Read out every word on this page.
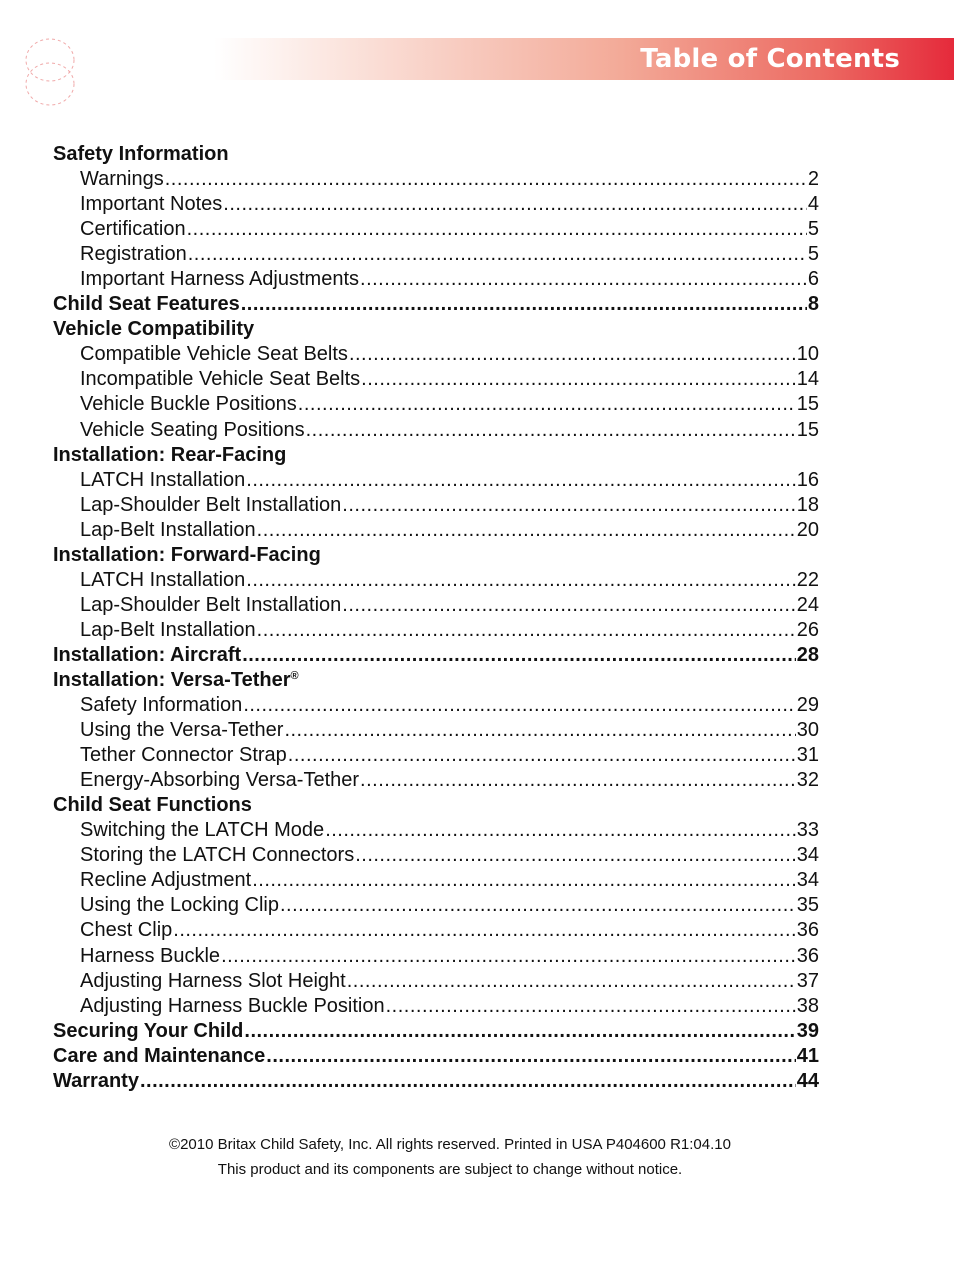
Table of Contents
Safety Information
Warnings .....	2
Important Notes .....	4
Certification .....	5
Registration .....	5
Important Harness Adjustments .....	6
Child Seat Features .....	8
Vehicle Compatibility
Compatible Vehicle Seat Belts .....	10
Incompatible Vehicle Seat Belts .....	14
Vehicle Buckle Positions .....	15
Vehicle Seating Positions .....	15
Installation: Rear-Facing
LATCH Installation .....	16
Lap-Shoulder Belt Installation .....	18
Lap-Belt Installation .....	20
Installation: Forward-Facing
LATCH Installation .....	22
Lap-Shoulder Belt Installation .....	24
Lap-Belt Installation .....	26
Installation: Aircraft .....	28
Installation: Versa-Tether®
Safety Information .....	29
Using the Versa-Tether .....	30
Tether Connector Strap .....	31
Energy-Absorbing Versa-Tether .....	32
Child Seat Functions
Switching the LATCH Mode .....	33
Storing the LATCH Connectors .....	34
Recline Adjustment .....	34
Using the Locking Clip .....	35
Chest Clip .....	36
Harness Buckle .....	36
Adjusting Harness Slot Height .....	37
Adjusting Harness Buckle Position .....	38
Securing Your Child .....	39
Care and Maintenance .....	41
Warranty .....	44
©2010 Britax Child Safety, Inc. All rights reserved. Printed in USA P404600 R1:04.10
This product and its components are subject to change without notice.
